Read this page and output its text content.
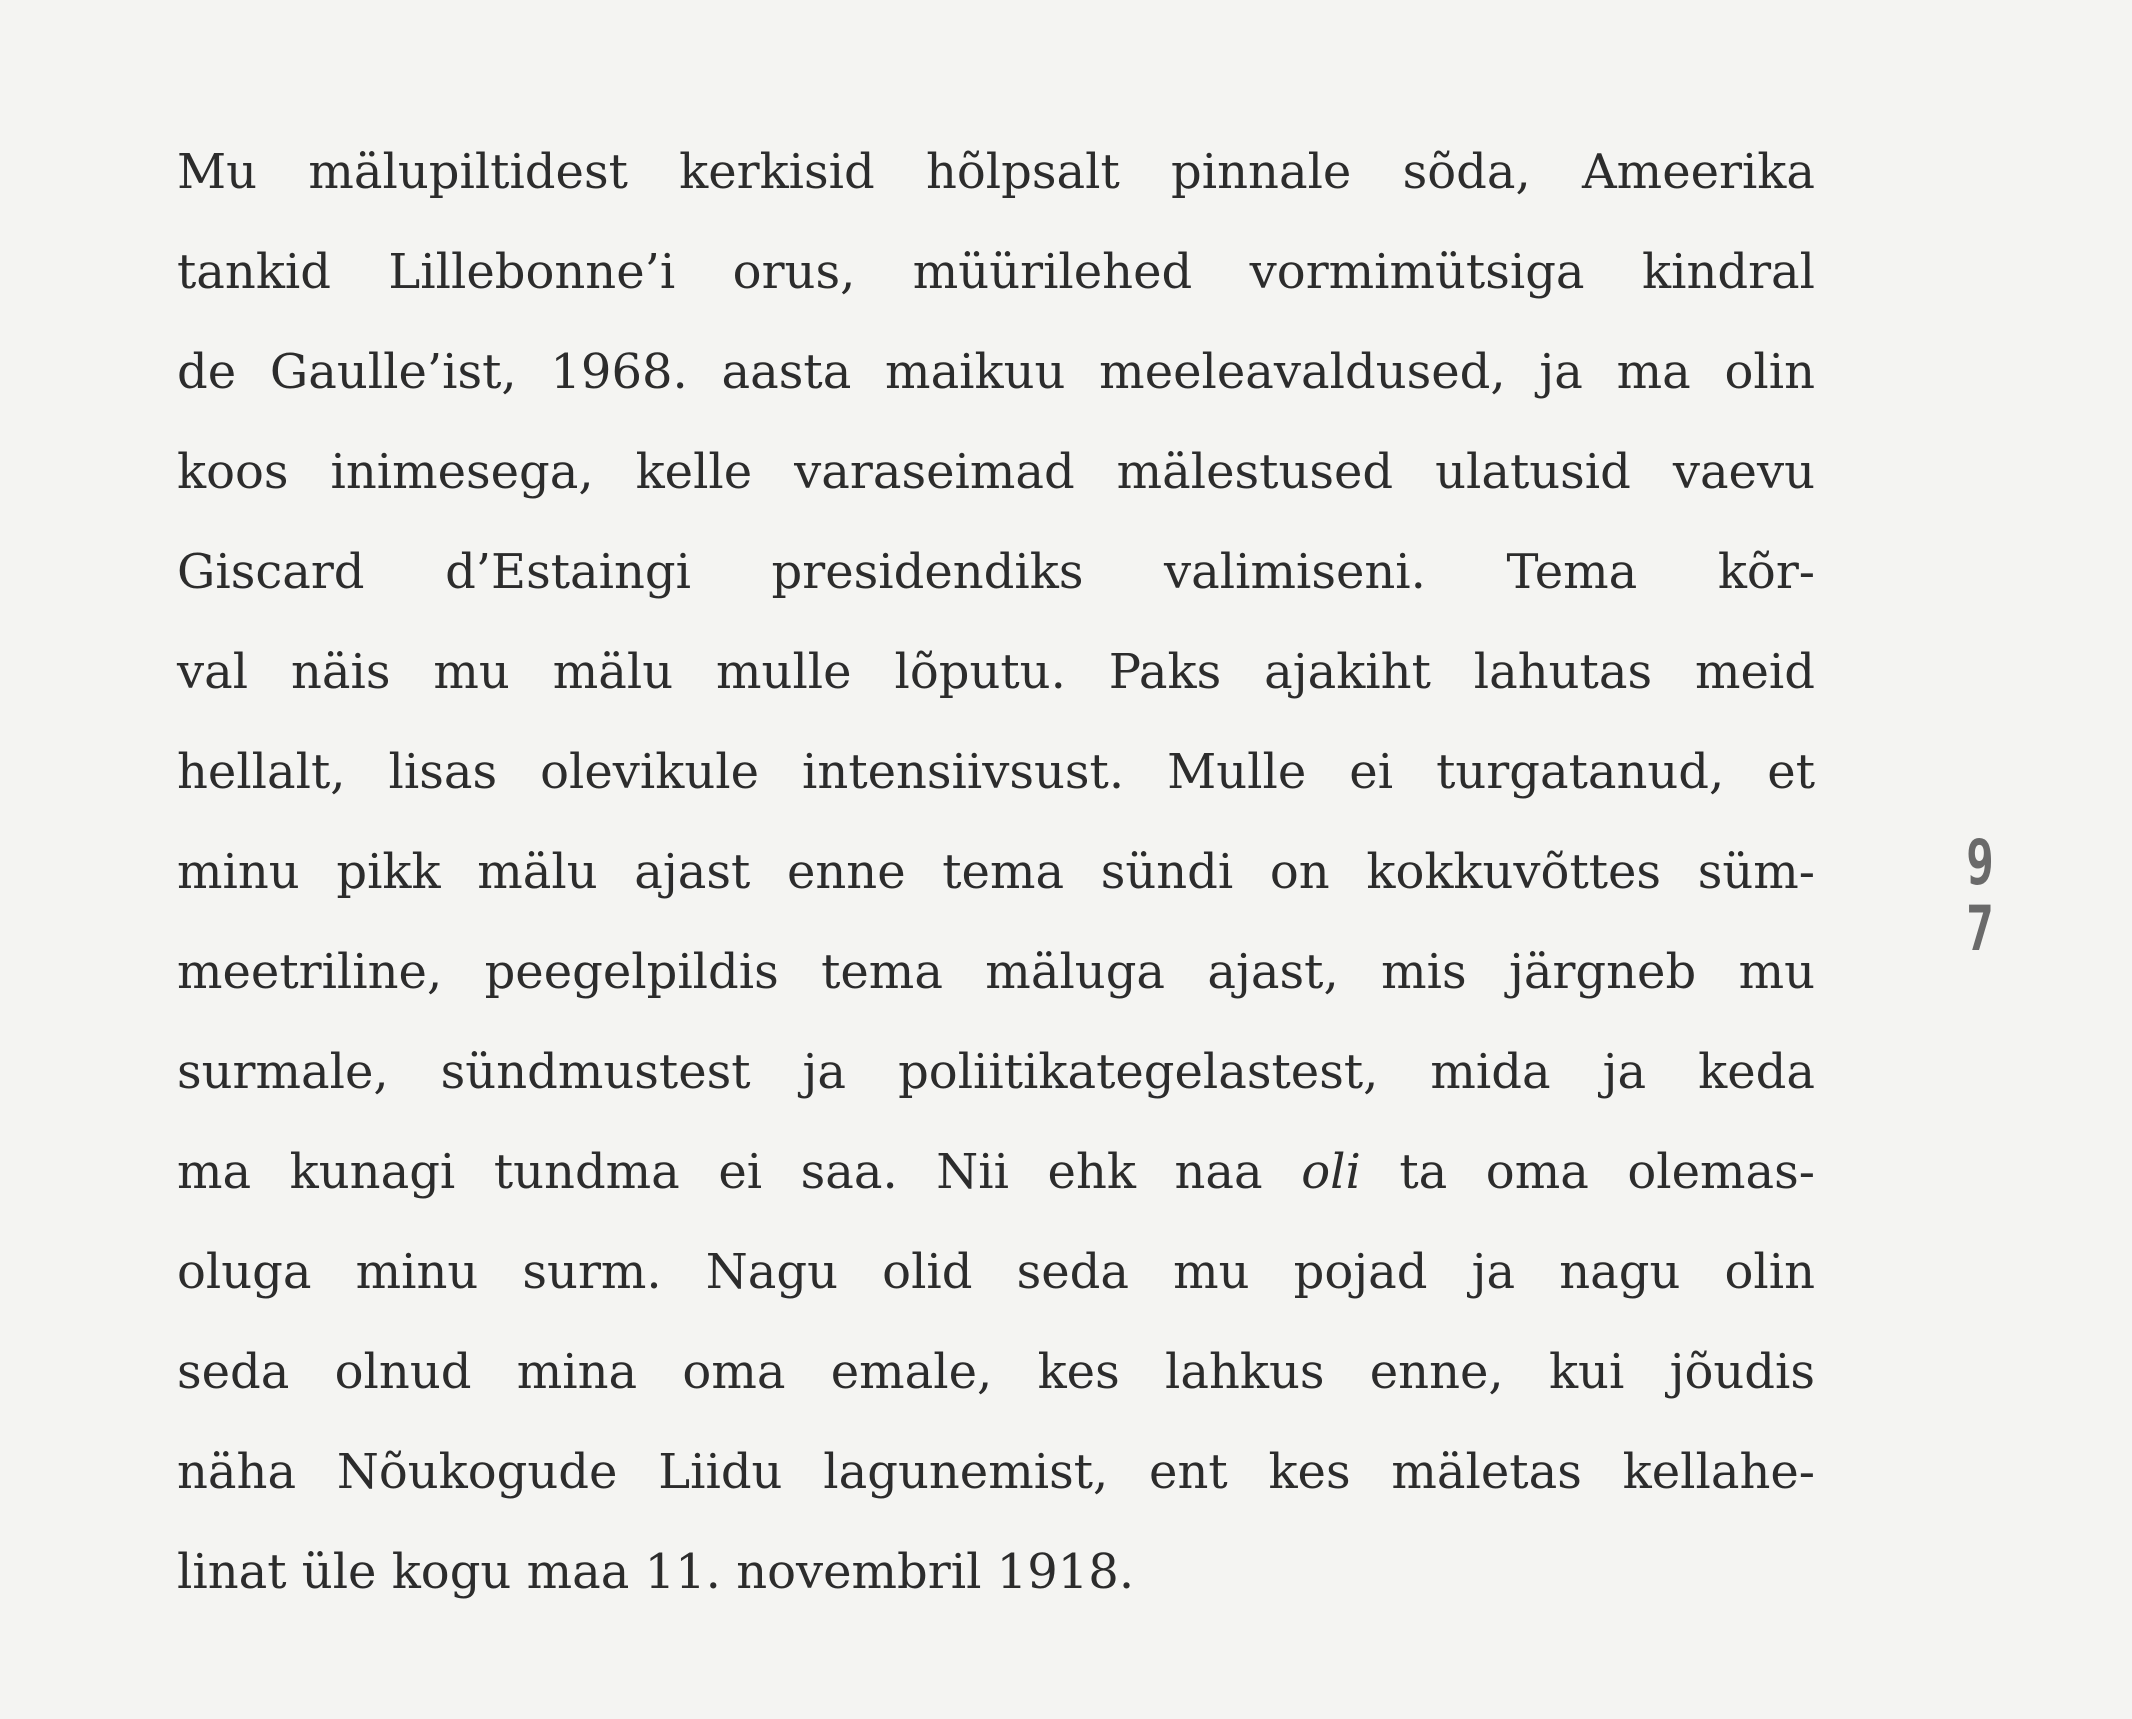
Mu mälupiltidest kerkisid hõlpsalt pinnale sõda, Ameerika
tankid Lillebonne’i orus, müürilehed vormimütsiga kindral
de Gaulle’ist, 1968. aasta maikuu meeleavaldused, ja ma olin
koos inimesega, kelle varaseimad mälestused ulatusid vaevu
Giscard d’Estaingi presidendiks valimiseni. Tema kõr-
val näis mu mälu mulle lõputu. Paks ajakiht lahutas meid
hellalt, lisas olevikule intensiivsust. Mulle ei turgatanud, et
minu pikk mälu ajast enne tema sündi on kokkuvõttes süm-
meetriline, peegelpildis tema mäluga ajast, mis järgneb mu
surmale, sündmustest ja poliitikategelastest, mida ja keda
ma kunagi tundma ei saa. Nii ehk naa oli ta oma olemas-
oluga minu surm. Nagu olid seda mu pojad ja nagu olin
seda olnud mina oma emale, kes lahkus enne, kui jõudis
näha Nõukogude Liidu lagunemist, ent kes mäletas kellahe-
linat üle kogu maa 11. novembril 1918.
9
7
